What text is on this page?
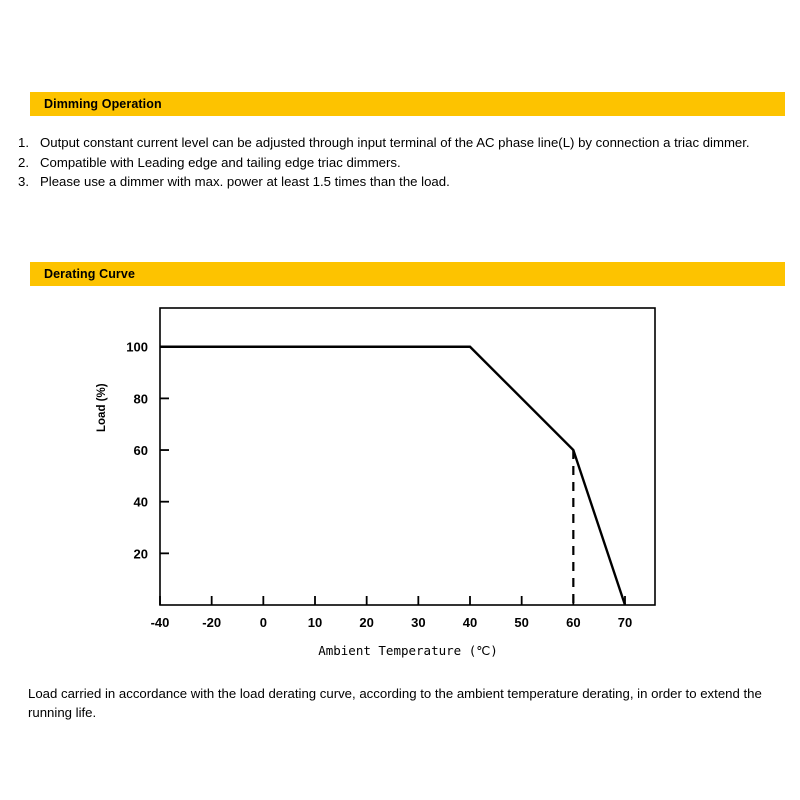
Dimming Operation
1. Output constant current level can be adjusted through input terminal of the AC phase line(L) by connection a triac dimmer.
2. Compatible with Leading edge and tailing edge triac dimmers.
3. Please use a dimmer with max. power at least 1.5 times than the load.
Derating Curve
Load (%)
20
40
60
80
100
-40	-20	0	10	20	30	40	50	60	70
Ambient Temperature (℃)
Load carried in accordance with the load derating curve, according to the ambient temperature derating, in order to extend the running life.
